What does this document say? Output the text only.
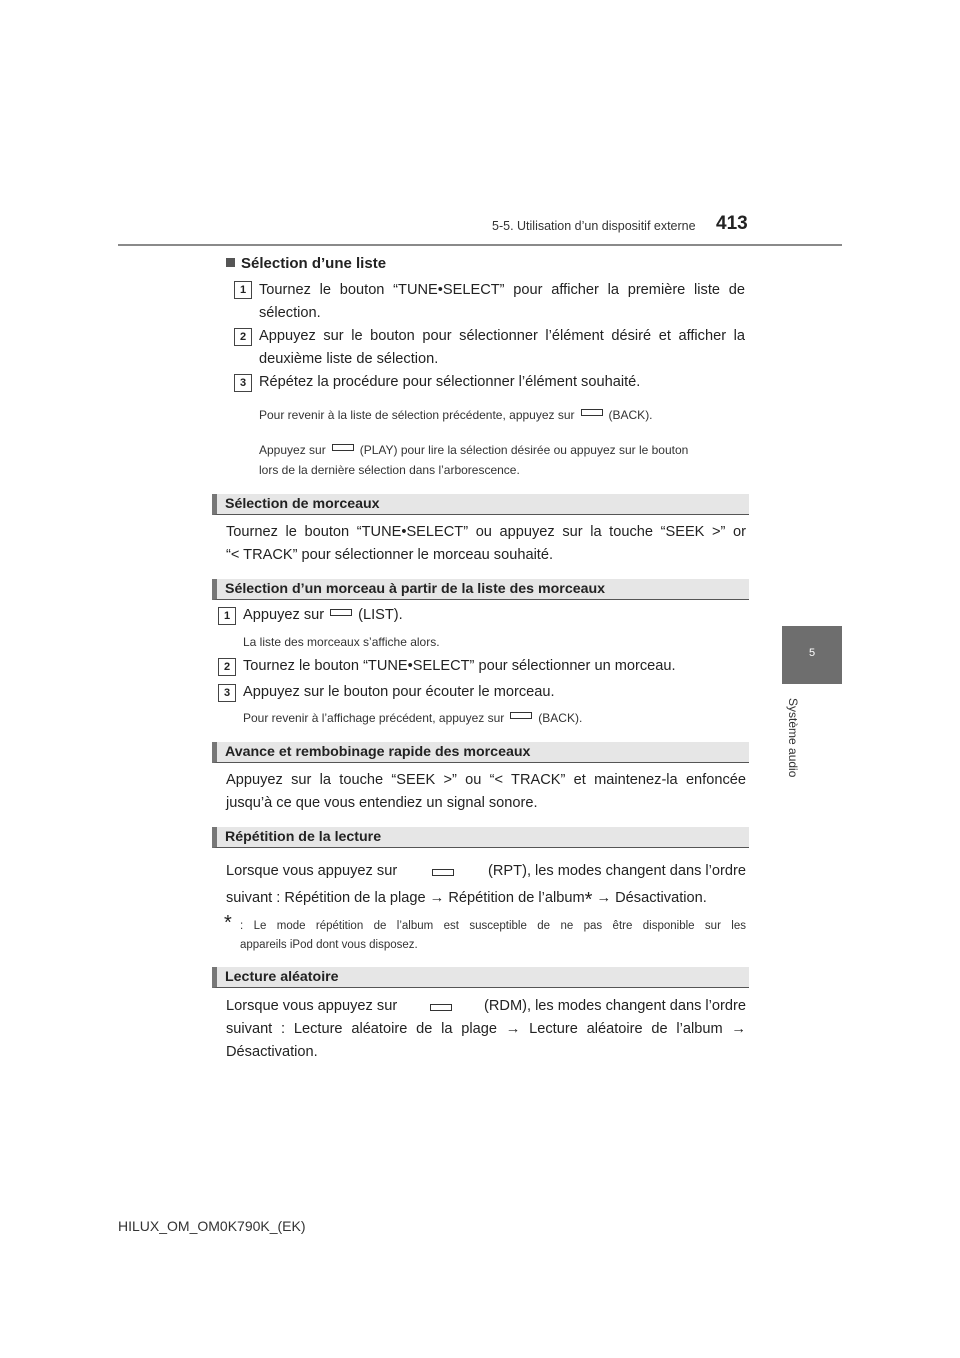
5-5. Utilisation d’un dispositif externe 413
5
Système audio
Sélection d’une liste
1 Tournez le bouton “TUNE•SELECT” pour afficher la première liste de
sélection.
2 Appuyez sur le bouton pour sélectionner l’élément désiré et afficher la
deuxième liste de sélection.
3 Répétez la procédure pour sélectionner l’élément souhaité.
Pour revenir à la liste de sélection précédente, appuyez sur	(BACK).
Appuyez sur	(PLAY) pour lire la sélection désirée ou appuyez sur le bouton
lors de la dernière sélection dans l’arborescence.
Sélection de morceaux
Tournez le bouton “TUNE•SELECT” ou appuyez sur la touche “SEEK >” or
“< TRACK” pour sélectionner le morceau souhaité.
Sélection d’un morceau à partir de la liste des morceaux
1 Appuyez sur (LIST).
La liste des morceaux s’affiche alors.
2 Tournez le bouton “TUNE•SELECT” pour sélectionner un morceau.
3 Appuyez sur le bouton pour écouter le morceau.
Pour revenir à l’affichage précédent, appuyez sur	(BACK).
Avance et rembobinage rapide des morceaux
Appuyez sur la touche “SEEK >” ou “< TRACK” et maintenez-la enfoncée
jusqu’à ce que vous entendiez un signal sonore.
Répétition de la lecture
Lorsque vous appuyez sur	(RPT), les modes changent dans l’ordre
suivant : Répétition de la plage → Répétition de l’album* → Désactivation.
* : Le mode répétition de l’album est susceptible de ne pas être disponible sur les
appareils iPod dont vous disposez.
Lecture aléatoire
Lorsque vous appuyez sur	(RDM), les modes changent dans l’ordre
suivant : Lecture aléatoire de la plage → Lecture aléatoire de l’album →
Désactivation.
HILUX_OM_OM0K790K_(EK)
